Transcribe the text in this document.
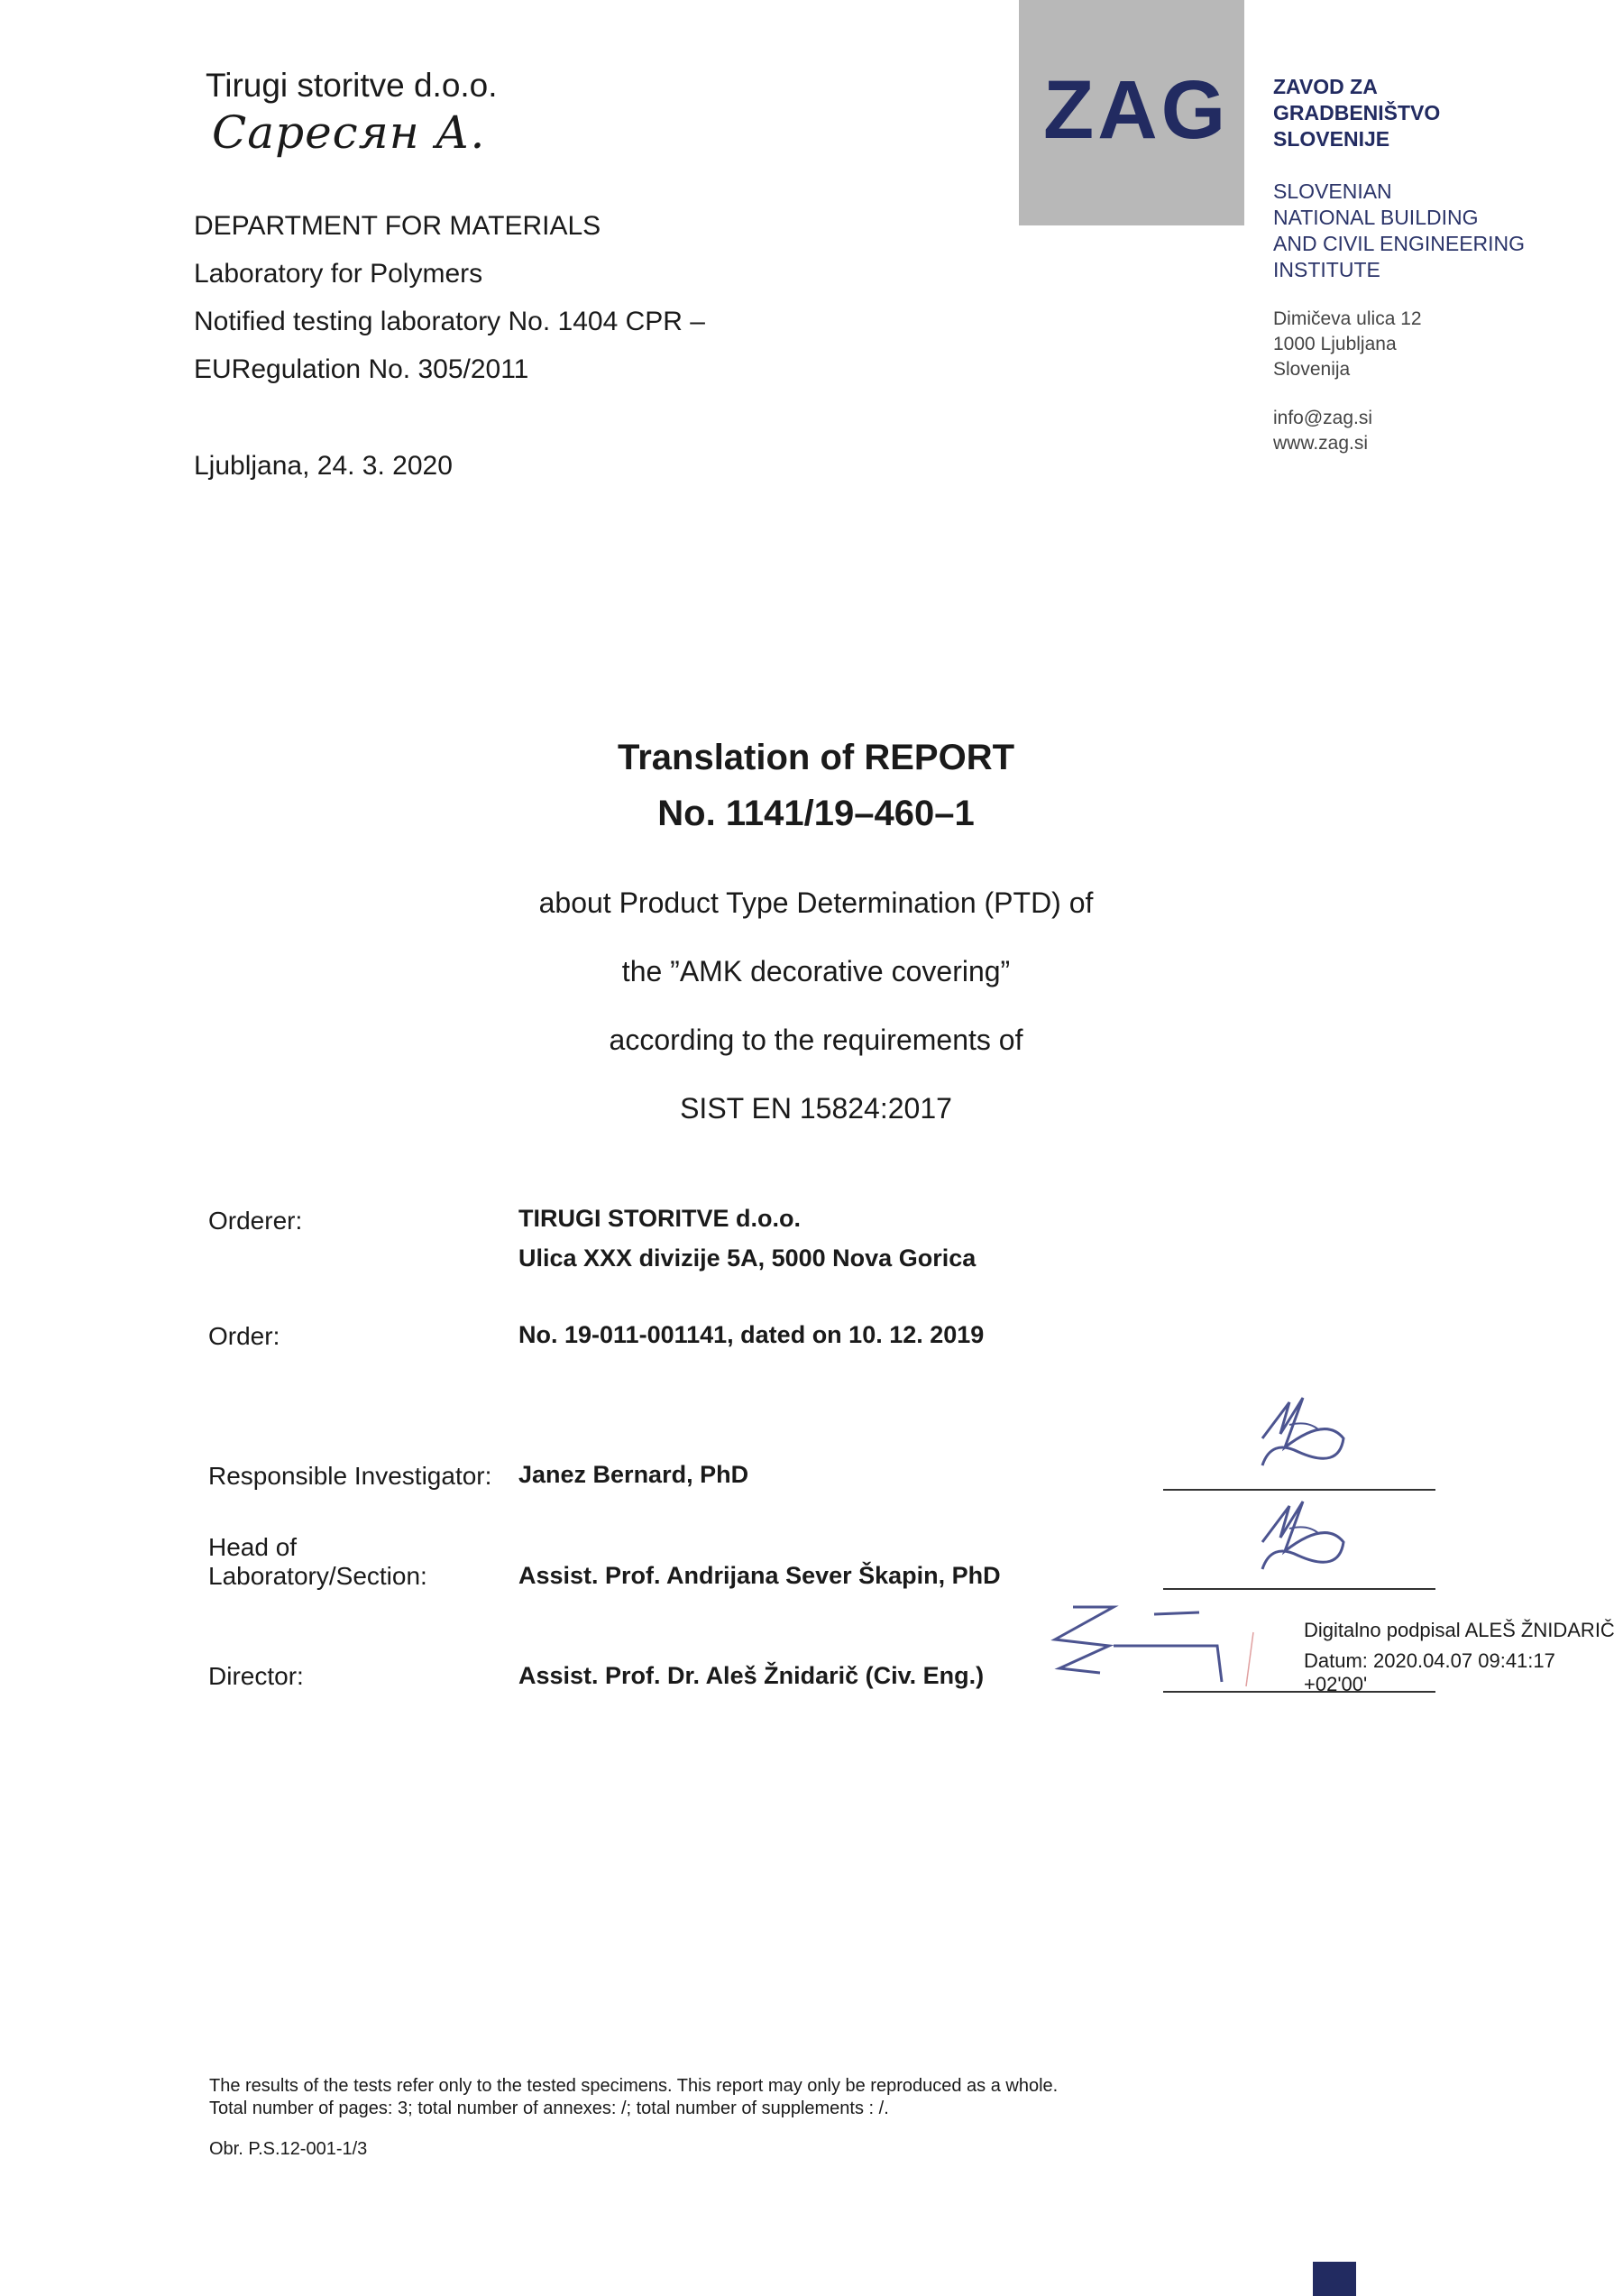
Tirugi storitve d.o.o.
Саресян А.
DEPARTMENT FOR MATERIALS
Laboratory for Polymers
Notified testing laboratory No. 1404 CPR –
EURegulation No. 305/2011
Ljubljana, 24. 3. 2020
ZAG ZAVOD ZA
GRADBENIŠTVO
SLOVENIJE
SLOVENIAN
NATIONAL BUILDING
AND CIVIL ENGINEERING
INSTITUTE
Dimičeva ulica 12
1000 Ljubljana
Slovenija
info@zag.si
www.zag.si
Translation of REPORT
No. 1141/19–460–1
about Product Type Determination (PTD) of
the ”AMK decorative covering”
according to the requirements of
SIST EN 15824:2017
Orderer:	TIRUGI STORITVE d.o.o.
Ulica XXX divizije 5A, 5000 Nova Gorica
Order:	No. 19-011-001141, dated on 10. 12. 2019
Responsible Investigator: Janez Bernard, PhD
Head of
Laboratory/Section:	Assist. Prof. Andrijana Sever Škapin, PhD
Director:	Assist. Prof. Dr. Aleš Žnidarič (Civ. Eng.)
Digitalno podpisal ALEŠ ŽNIDARIČ
Datum: 2020.04.07 09:41:17 +02'00'
The results of the tests refer only to the tested specimens. This report may only be reproduced as a whole.
Total number of pages: 3; total number of annexes: /; total number of supplements : /.
Obr. P.S.12-001-1/3
